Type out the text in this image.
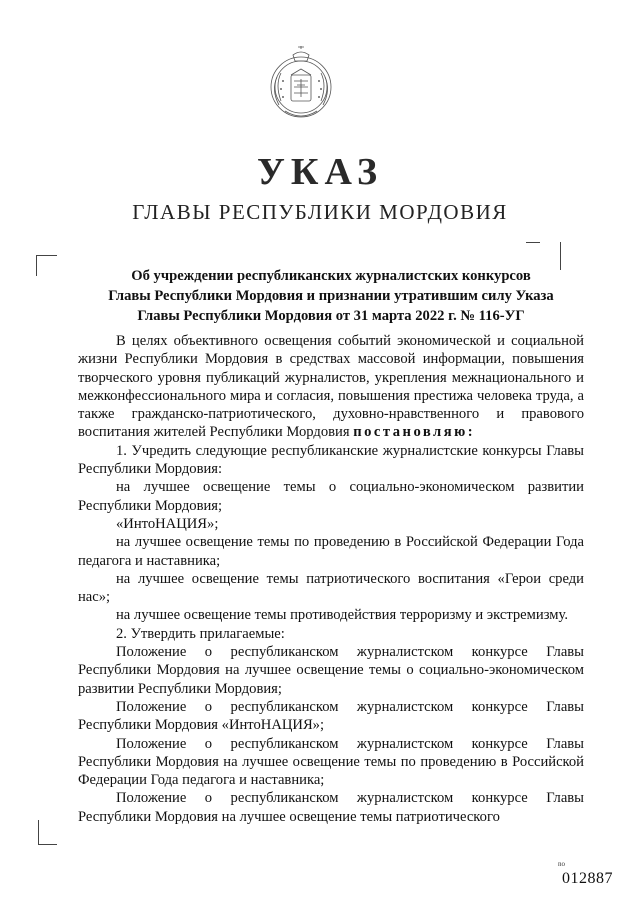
УКАЗ
ГЛАВЫ РЕСПУБЛИКИ МОРДОВИЯ
Об учреждении республиканских журналистских конкурсов
Главы Республики Мордовия и признании утратившим силу Указа
Главы Республики Мордовия от 31 марта 2022 г. № 116-УГ

В целях объективного освещения событий экономической и социальной жизни Республики Мордовия в средствах массовой информации, повышения творческого уровня публикаций журналистов, укрепления межнационального и межконфессионального мира и согласия, повышения престижа человека труда, а также гражданско-патриотического, духовно-нравственного и правового воспитания жителей Республики Мордовия постановляю:

1. Учредить следующие республиканские журналистские конкурсы Главы Республики Мордовия:

на лучшее освещение темы о социально-экономическом развитии Республики Мордовия;

«ИнтоНАЦИЯ»;

на лучшее освещение темы по проведению в Российской Федерации Года педагога и наставника;

на лучшее освещение темы патриотического воспитания «Герои среди нас»;

на лучшее освещение темы противодействия терроризму и экстремизму.

2. Утвердить прилагаемые:

Положение о республиканском журналистском конкурсе Главы Республики Мордовия на лучшее освещение темы о социально-экономическом развитии Республики Мордовия;

Положение о республиканском журналистском конкурсе Главы Республики Мордовия «ИнтоНАЦИЯ»;

Положение о республиканском журналистском конкурсе Главы Республики Мордовия на лучшее освещение темы по проведению в Российской Федерации Года педагога и наставника;

Положение о республиканском журналистском конкурсе Главы Республики Мордовия на лучшее освещение темы патриотического

no
012887
